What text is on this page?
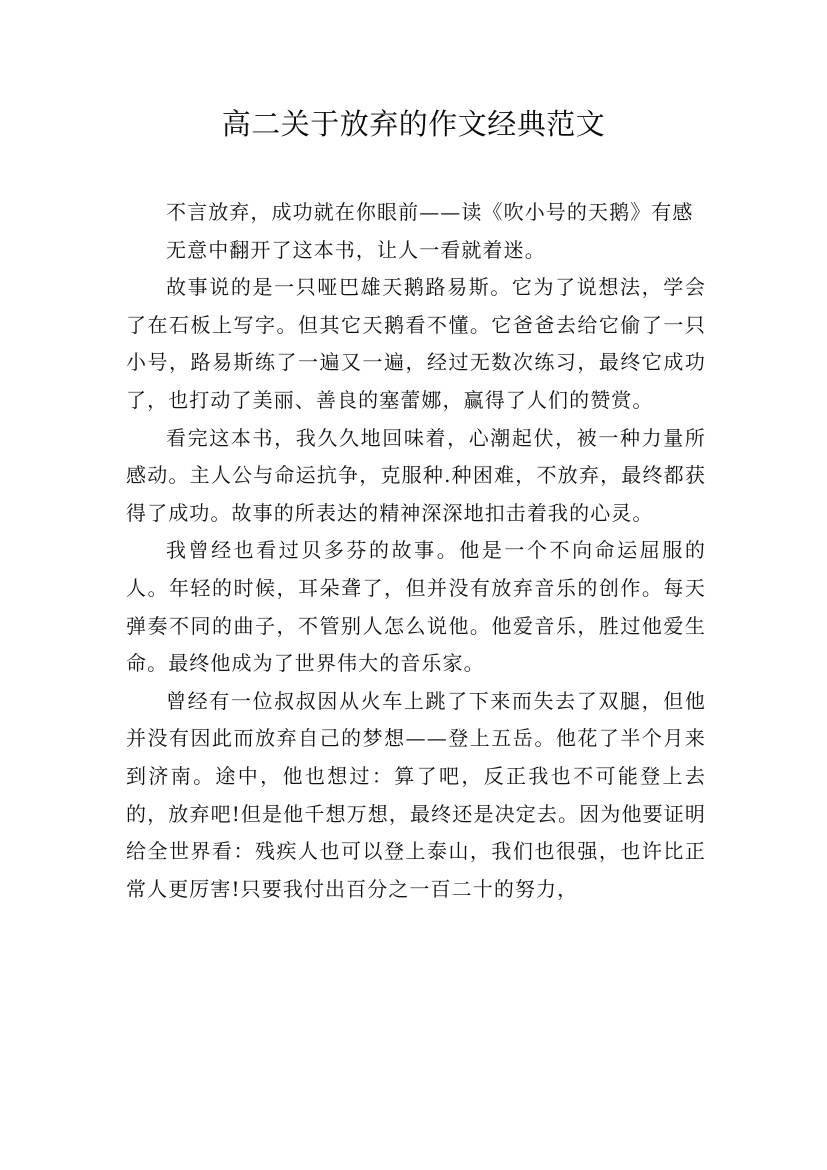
高二关于放弃的作文经典范文

不言放弃，成功就在你眼前——读《吹小号的天鹅》有感

无意中翻开了这本书，让人一看就着迷。

故事说的是一只哑巴雄天鹅路易斯。它为了说想法，学会了在石板上写字。但其它天鹅看不懂。它爸爸去给它偷了一只小号，路易斯练了一遍又一遍，经过无数次练习，最终它成功了，也打动了美丽、善良的塞蕾娜，赢得了人们的赞赏。

看完这本书，我久久地回味着，心潮起伏，被一种力量所感动。主人公与命运抗争，克服种.种困难，不放弃，最终都获得了成功。故事的所表达的精神深深地扣击着我的心灵。

我曾经也看过贝多芬的故事。他是一个不向命运屈服的人。年轻的时候，耳朵聋了，但并没有放弃音乐的创作。每天弹奏不同的曲子，不管别人怎么说他。他爱音乐，胜过他爱生命。最终他成为了世界伟大的音乐家。

曾经有一位叔叔因从火车上跳了下来而失去了双腿，但他并没有因此而放弃自己的梦想——登上五岳。他花了半个月来到济南。途中，他也想过：算了吧，反正我也不可能登上去的，放弃吧!但是他千想万想，最终还是决定去。因为他要证明给全世界看：残疾人也可以登上泰山，我们也很强，也许比正常人更厉害!只要我付出百分之一百二十的努力，
